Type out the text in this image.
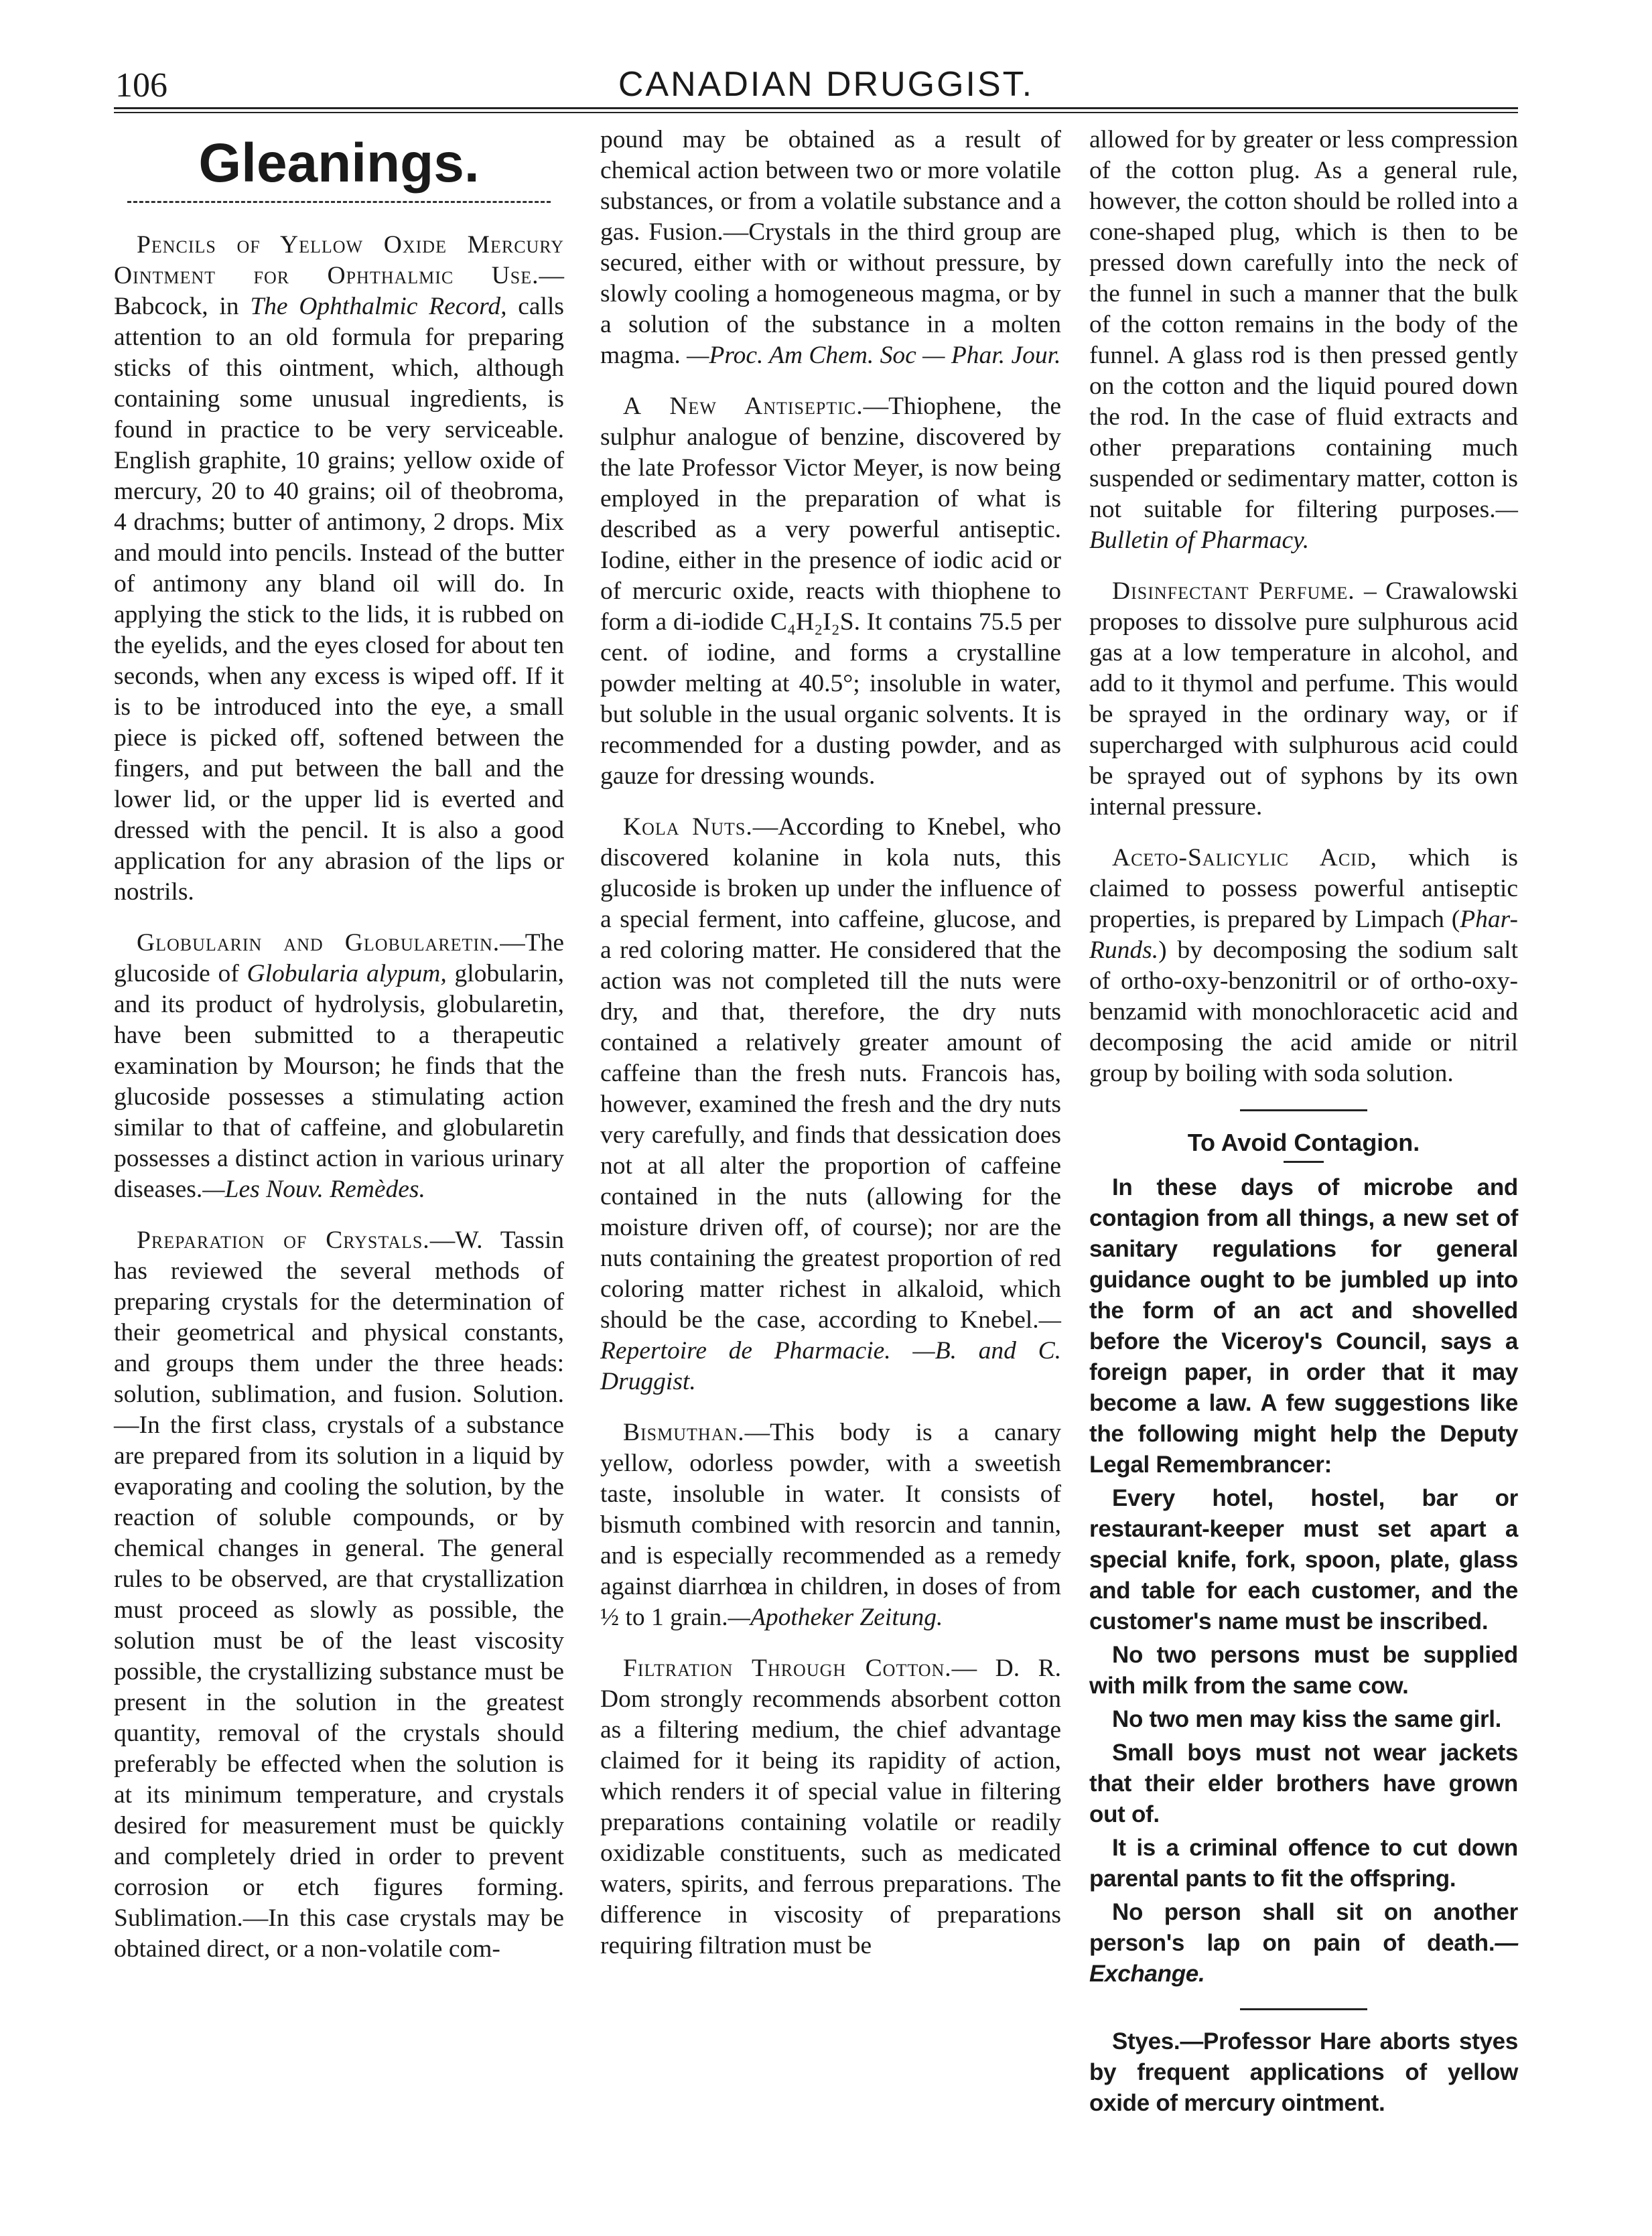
106	CANADIAN DRUGGIST.
Gleanings.

Pencils of Yellow Oxide Mercury Ointment for Ophthalmic Use.—Babcock, in The Ophthalmic Record, calls attention to an old formula for preparing sticks of this ointment, which, although containing some unusual ingredients, is found in practice to be very serviceable. English graphite, 10 grains; yellow oxide of mercury, 20 to 40 grains; oil of theobroma, 4 drachms; butter of antimony, 2 drops. Mix and mould into pencils. Instead of the butter of antimony any bland oil will do. In applying the stick to the lids, it is rubbed on the eyelids, and the eyes closed for about ten seconds, when any excess is wiped off. If it is to be introduced into the eye, a small piece is picked off, softened between the fingers, and put between the ball and the lower lid, or the upper lid is everted and dressed with the pencil. It is also a good application for any abrasion of the lips or nostrils.

Globularin and Globularetin.—The glucoside of Globularia alypum, globularin, and its product of hydrolysis, globularetin, have been submitted to a therapeutic examination by Mourson; he finds that the glucoside possesses a stimulating action similar to that of caffeine, and globularetin possesses a distinct action in various urinary diseases.—Les Nouv. Remèdes.

Preparation of Crystals.—W. Tassin has reviewed the several methods of preparing crystals for the determination of their geometrical and physical constants, and groups them under the three heads: solution, sublimation, and fusion. Solution.—In the first class, crystals of a substance are prepared from its solution in a liquid by evaporating and cooling the solution, by the reaction of soluble compounds, or by chemical changes in general. The general rules to be observed, are that crystallization must proceed as slowly as possible, the solution must be of the least viscosity possible, the crystallizing substance must be present in the solution in the greatest quantity, removal of the crystals should preferably be effected when the solution is at its minimum temperature, and crystals desired for measurement must be quickly and completely dried in order to prevent corrosion or etch figures forming. Sublimation.—In this case crystals may be obtained direct, or a non-volatile com-

pound may be obtained as a result of chemical action between two or more volatile substances, or from a volatile substance and a gas. Fusion.—Crystals in the third group are secured, either with or without pressure, by slowly cooling a homogeneous magma, or by a solution of the substance in a molten magma. —Proc. Am Chem. Soc — Phar. Jour.

A New Antiseptic.—Thiophene, the sulphur analogue of benzine, discovered by the late Professor Victor Meyer, is now being employed in the preparation of what is described as a very powerful antiseptic. Iodine, either in the presence of iodic acid or of mercuric oxide, reacts with thiophene to form a di-iodide C₄H₂I₂S. It contains 75.5 per cent. of iodine, and forms a crystalline powder melting at 40.5°; insoluble in water, but soluble in the usual organic solvents. It is recommended for a dusting powder, and as gauze for dressing wounds.

Kola Nuts.—According to Knebel, who discovered kolanine in kola nuts, this glucoside is broken up under the influence of a special ferment, into caffeine, glucose, and a red coloring matter. He considered that the action was not completed till the nuts were dry, and that, therefore, the dry nuts contained a relatively greater amount of caffeine than the fresh nuts. Francois has, however, examined the fresh and the dry nuts very carefully, and finds that dessication does not at all alter the proportion of caffeine contained in the nuts (allowing for the moisture driven off, of course); nor are the nuts containing the greatest proportion of red coloring matter richest in alkaloid, which should be the case, according to Knebel.—Repertoire de Pharmacie. —B. and C. Druggist.

Bismuthan.—This body is a canary yellow, odorless powder, with a sweetish taste, insoluble in water. It consists of bismuth combined with resorcin and tannin, and is especially recommended as a remedy against diarrhœa in children, in doses of from ½ to 1 grain.—Apotheker Zeitung.

Filtration Through Cotton.— D. R. Dom strongly recommends absorbent cotton as a filtering medium, the chief advantage claimed for it being its rapidity of action, which renders it of special value in filtering preparations containing volatile or readily oxidizable constituents, such as medicated waters, spirits, and ferrous preparations. The difference in viscosity of preparations requiring filtration must be

allowed for by greater or less compression of the cotton plug. As a general rule, however, the cotton should be rolled into a cone-shaped plug, which is then to be pressed down carefully into the neck of the funnel in such a manner that the bulk of the cotton remains in the body of the funnel. A glass rod is then pressed gently on the cotton and the liquid poured down the rod. In the case of fluid extracts and other preparations containing much suspended or sedimentary matter, cotton is not suitable for filtering purposes.—Bulletin of Pharmacy.

Disinfectant Perfume. – Crawalowski proposes to dissolve pure sulphurous acid gas at a low temperature in alcohol, and add to it thymol and perfume. This would be sprayed in the ordinary way, or if supercharged with sulphurous acid could be sprayed out of syphons by its own internal pressure.

Aceto-Salicylic Acid, which is claimed to possess powerful antiseptic properties, is prepared by Limpach (Phar-Runds.) by decomposing the sodium salt of ortho-oxy-benzonitril or of ortho-oxy-benzamid with monochloracetic acid and decomposing the acid amide or nitril group by boiling with soda solution.

To Avoid Contagion.

In these days of microbe and contagion from all things, a new set of sanitary regulations for general guidance ought to be jumbled up into the form of an act and shovelled before the Viceroy's Council, says a foreign paper, in order that it may become a law. A few suggestions like the following might help the Deputy Legal Remembrancer:

Every hotel, hostel, bar or restaurant-keeper must set apart a special knife, fork, spoon, plate, glass and table for each customer, and the customer's name must be inscribed.

No two persons must be supplied with milk from the same cow.

No two men may kiss the same girl.

Small boys must not wear jackets that their elder brothers have grown out of.

It is a criminal offence to cut down parental pants to fit the offspring.

No person shall sit on another person's lap on pain of death.—Exchange.

Styes.—Professor Hare aborts styes by frequent applications of yellow oxide of mercury ointment.
